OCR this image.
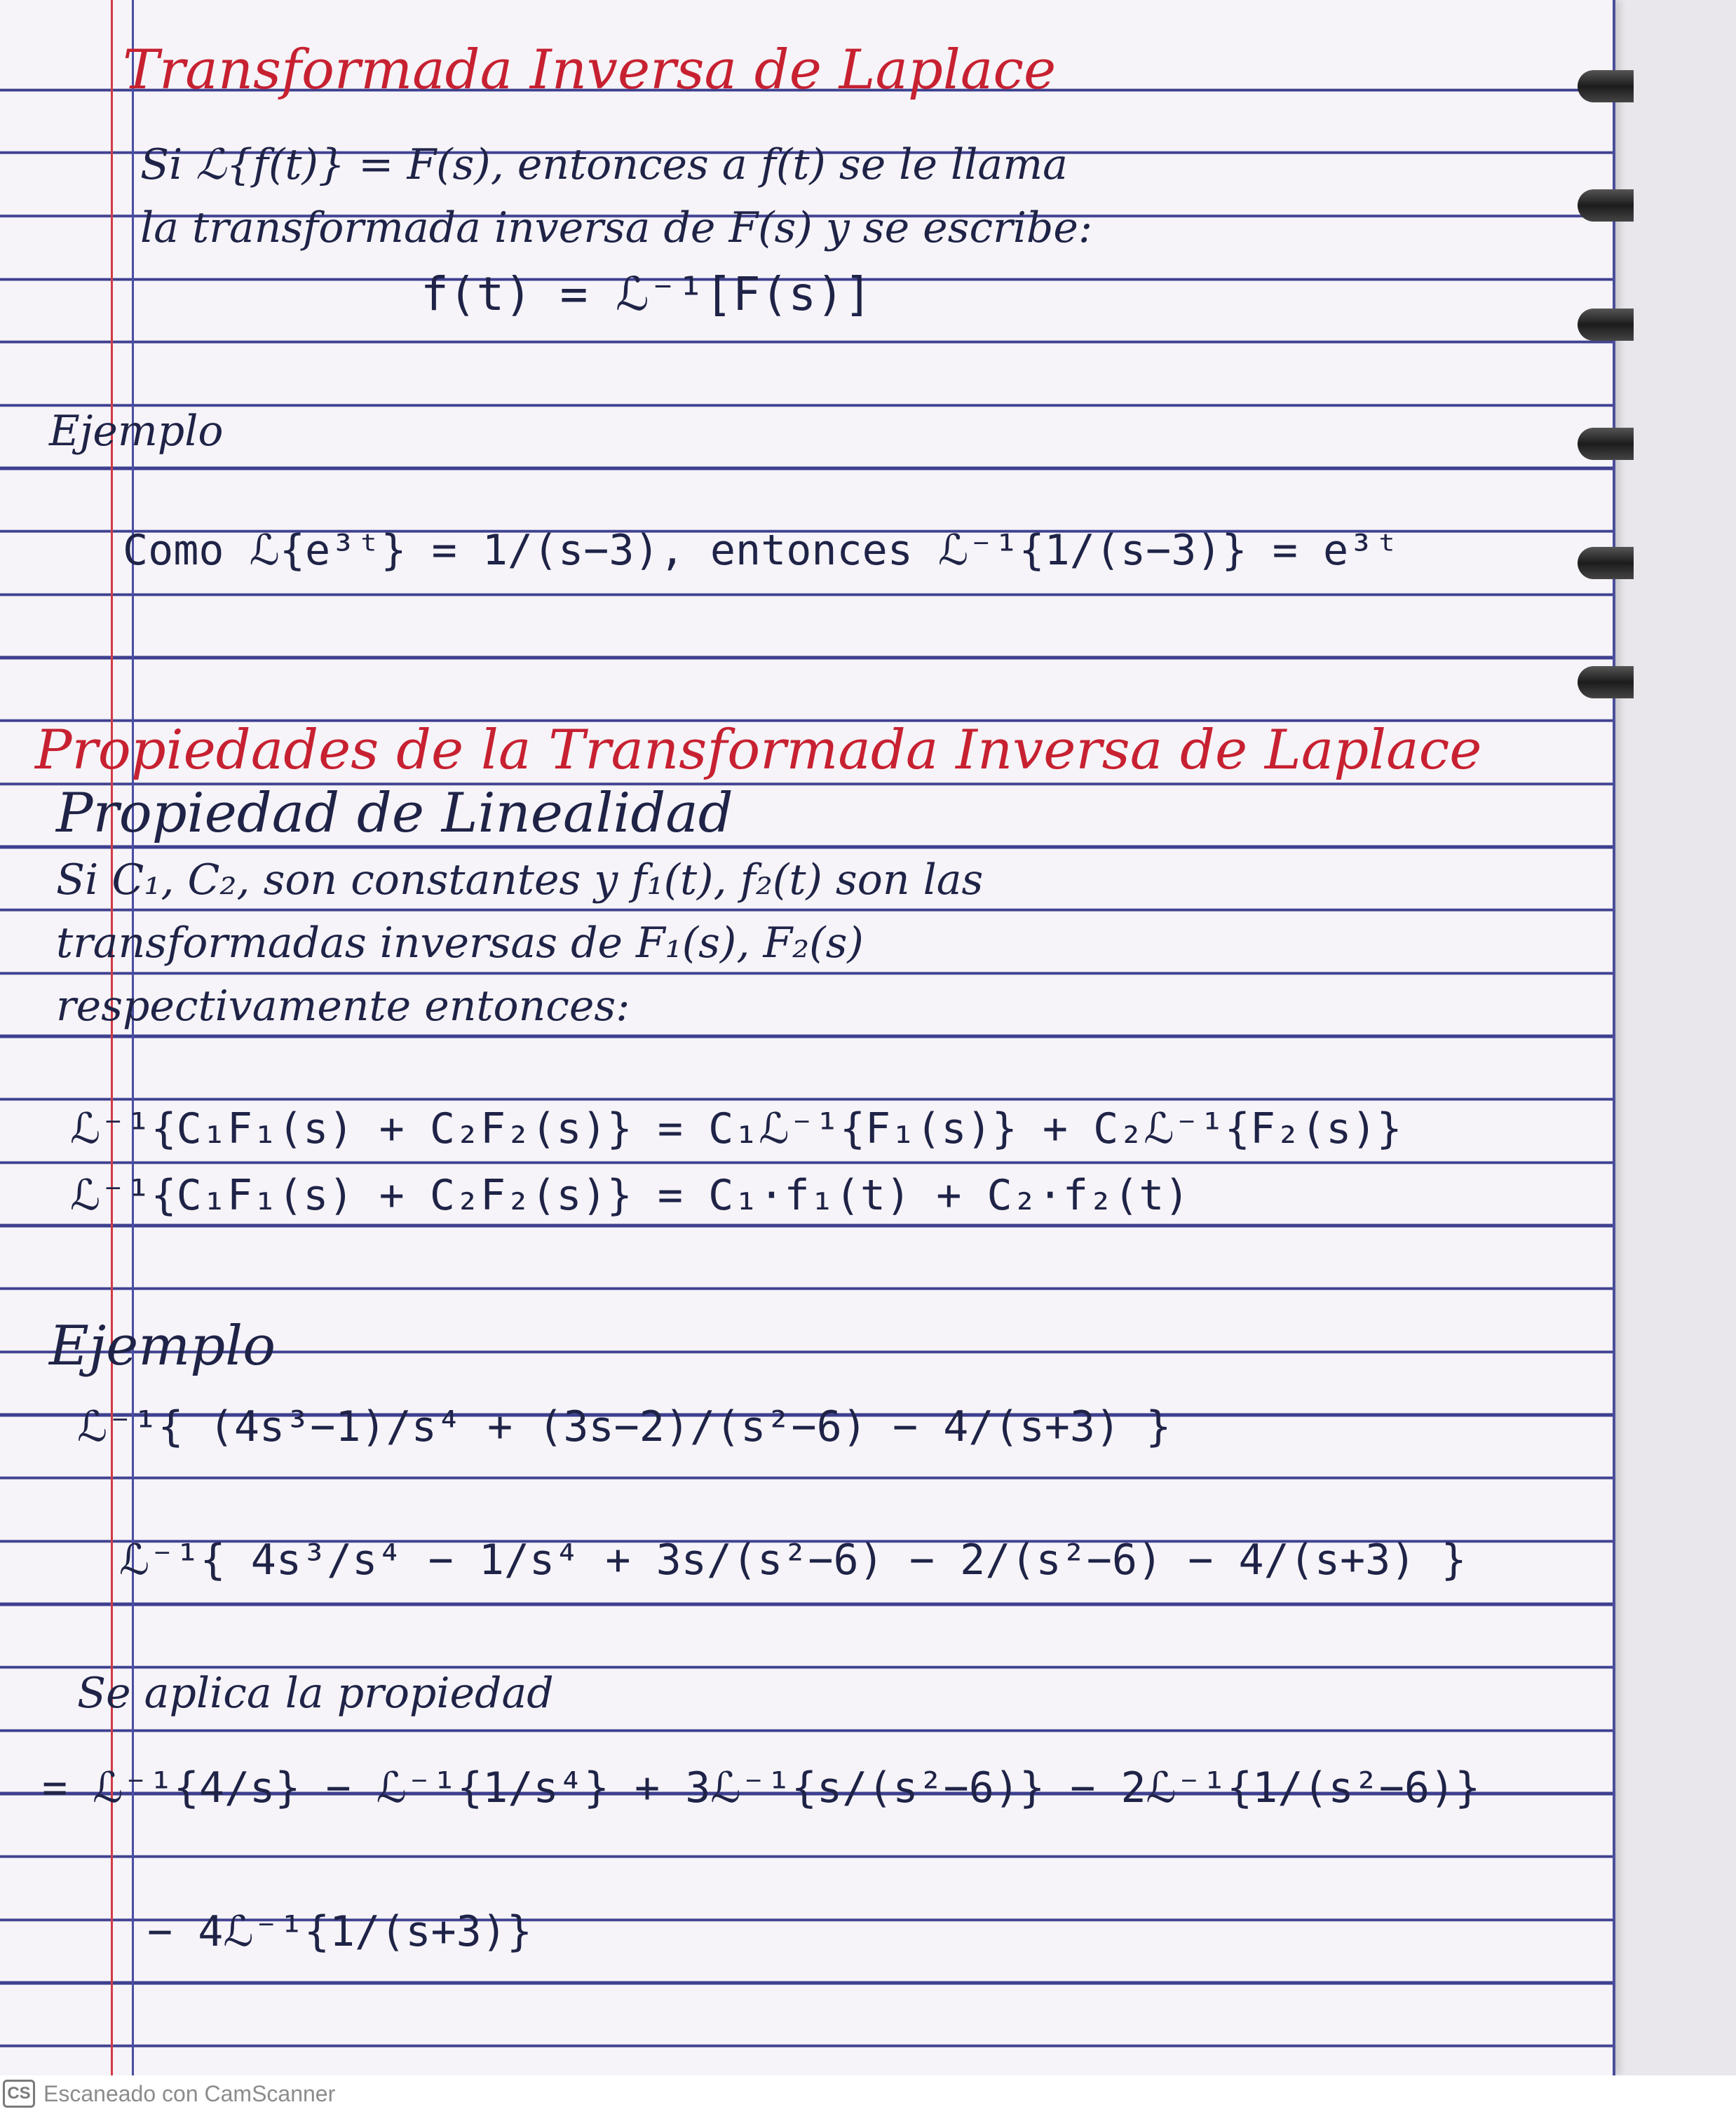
Transformada Inversa de Laplace
Si ℒ{f(t)} = F(s), entonces a f(t) se le llama
la transformada inversa de F(s) y se escribe:
f(t) = ℒ⁻¹[F(s)]
Ejemplo
Como ℒ{e³ᵗ} = 1/(s−3), entonces ℒ⁻¹{1/(s−3)} = e³ᵗ
Propiedades de la Transformada Inversa de Laplace
Propiedad de Linealidad
Si C₁, C₂, son constantes y f₁(t), f₂(t) son las
transformadas inversas de F₁(s), F₂(s)
respectivamente entonces:
ℒ⁻¹{C₁F₁(s) + C₂F₂(s)} = C₁ℒ⁻¹{F₁(s)} + C₂ℒ⁻¹{F₂(s)}
ℒ⁻¹{C₁F₁(s) + C₂F₂(s)} = C₁·f₁(t) + C₂·f₂(t)
Ejemplo
ℒ⁻¹{ (4s³−1)/s⁴ + (3s−2)/(s²−6) − 4/(s+3) }
ℒ⁻¹{ 4s³/s⁴ − 1/s⁴ + 3s/(s²−6) − 2/(s²−6) − 4/(s+3) }
Se aplica la propiedad
= ℒ⁻¹{4/s} − ℒ⁻¹{1/s⁴} + 3ℒ⁻¹{s/(s²−6)} − 2ℒ⁻¹{1/(s²−6)}
− 4ℒ⁻¹{1/(s+3)}
CS Escaneado con CamScanner
